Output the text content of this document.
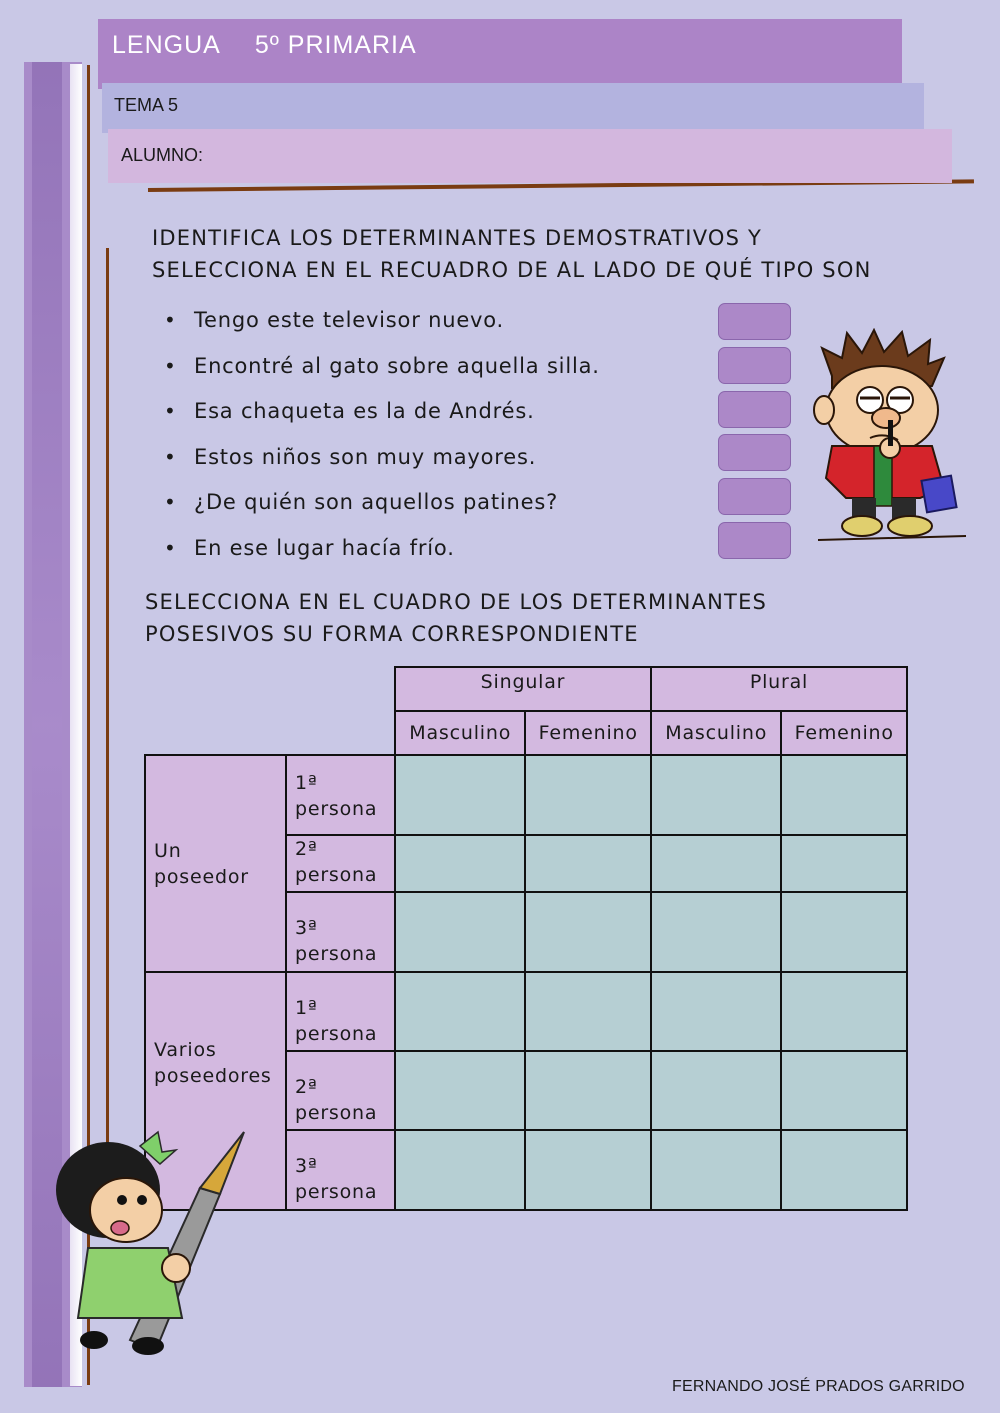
LENGUA 5º PRIMARIA
TEMA 5
ALUMNO:
IDENTIFICA LOS DETERMINANTES DEMOSTRATIVOS Y
SELECCIONA EN EL RECUADRO DE AL LADO DE QUÉ TIPO SON
• Tengo este televisor nuevo.
• Encontré al gato sobre aquella silla.
• Esa chaqueta es la de Andrés.
• Estos niños son muy mayores.
• ¿De quién son aquellos patines?
• En ese lugar hacía frío.
SELECCIONA EN EL CUADRO DE LOS DETERMINANTES
POSESIVOS SU FORMA CORRESPONDIENTE
Singular		Plural	
Masculino	Femenino	Masculino	Femenino
Un poseedor	1ª
persona				

	2ª
persona				

	3ª
persona				

Varios poseedores	1ª
persona				

	2ª
persona				

	3ª
persona				

FERNANDO JOSÉ PRADOS GARRIDO
